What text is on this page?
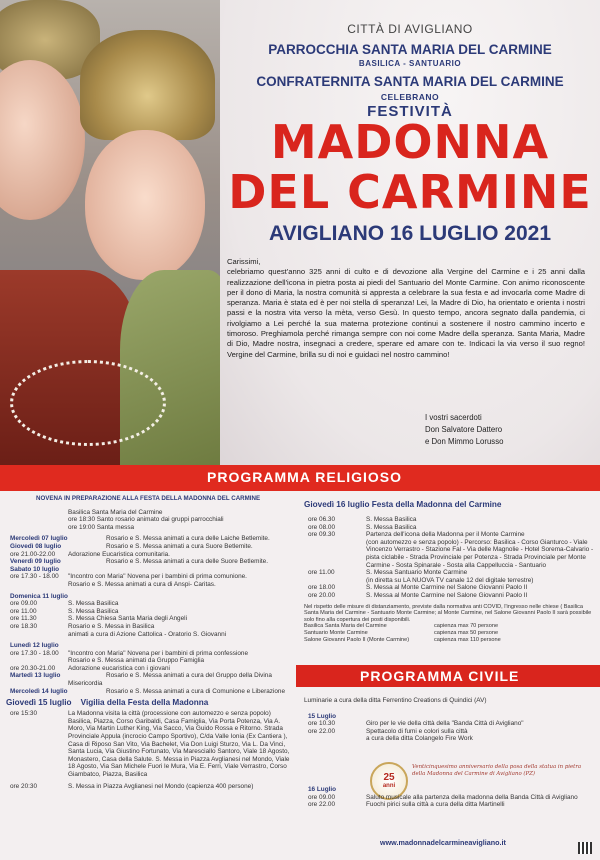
CITTÀ DI AVIGLIANO
PARROCCHIA SANTA MARIA DEL CARMINE
BASILICA - SANTUARIO
CONFRATERNITA SANTA MARIA DEL CARMINE
CELEBRANO
FESTIVITÀ
MADONNA
DEL CARMINE
AVIGLIANO 16 LUGLIO 2021

Carissimi,

celebriamo quest'anno 325 anni di culto e di devozione alla Vergine del Carmine e i 25 anni dalla realizzazione dell'icona in pietra posta ai piedi del Santuario del Monte Carmine. Con animo riconoscente per il dono di Maria, la nostra comunità si appresta a celebrare la sua festa e ad invocarla come Madre di speranza. Maria è stata ed è per noi stella di speranza! Lei, la Madre di Dio, ha orientato e orienta i nostri passi e la nostra vita verso la mèta, verso Gesù. In questo tempo, ancora segnato dalla pandemia, ci rivolgiamo a Lei perché la sua materna protezione continui a sostenere il nostro cammino incerto e timoroso. Preghiamola perché rimanga sempre con noi come Madre della speranza. Santa Maria, Madre di Dio, Madre nostra, insegnaci a credere, sperare ed amare con te. Indicaci la via verso il suo regno! Vergine del Carmine, brilla su di noi e guidaci nel nostro cammino!

I vostri sacerdoti
Don Salvatore Dattero
e Don Mimmo Lorusso
PROGRAMMA RELIGIOSO
NOVENA IN PREPARAZIONE ALLA FESTA DELLA MADONNA DEL CARMINE
Basilica Santa Maria del Carmine
ore 18:30 Santo rosario animato dai gruppi parrocchiali
ore 19:00 Santa messa
Mercoledì 07 luglio	Rosario e S. Messa animati a cura delle Laiche Betlemite.
Giovedì 08 luglio	Rosario e S. Messa animati a cura Suore Betlemite.
ore 21.00-22.00	Adorazione Eucaristica comunitaria.
Venerdì 09 luglio	Rosario e S. Messa animati a cura delle Suore Betlemite.
Sabato 10 luglio
ore 17.30 - 18.00	"Incontro con Maria" Novena per i bambini di prima comunione.
Rosario e S. Messa animati a cura di Anspi- Caritas.
Domenica 11 luglio
ore 09.00	S. Messa Basilica
ore 11.00	S. Messa Basilica
ore 11.30	S. Messa Chiesa Santa Maria degli Angeli
ore 18.30	Rosario e S. Messa in Basilica
animati a cura di Azione Cattolica - Oratorio S. Giovanni
Lunedì 12 luglio
ore 17.30 - 18.00	"Incontro con Maria" Novena per i bambini di prima confessione
Rosario e S. Messa animati da Gruppo Famiglia
ore 20.30-21.00	Adorazione eucaristica con i giovani
Martedì 13 luglio	Rosario e S. Messa animati a cura del Gruppo della Divina
Misericordia
Mercoledì 14 luglio	Rosario e S. Messa animati a cura di Comunione e Liberazione
Giovedì 15 luglio Vigilia della Festa della Madonna
ore 15:30	La Madonna visita la città (processione con automezzo e senza popolo)
Basilica, Piazza, Corso Garibaldi, Casa Famiglia, Via Porta Potenza, Via A. Moro, Via Martin Luther King, Via Sacco, Via Guido Rossa e Ritorno. Strada Provinciale Appula (incrocio Campo Sportivo), C/da Valle Ionia (Ex Cantiera ), Casa di Riposo San Vito, Via Bachelet, Via Don Luigi Sturzo, Via L. Da Vinci, Santa Lucia, Via Giustino Fortunato, Via Maresciallo Santoro, Viale 18 Agosto, Monastero, Casa della Salute. S. Messa in Piazza Avglianesi nel Mondo, Viale 18 Agosto, Via San Michele Fuori le Mura, Via E. Ferri, Viale Verrastro, Corso Giambatco, Piazza, Basilica
ore 20:30	S. Messa in Piazza Avglianesi nel Mondo (capienza 400 persone)
Giovedì 16 luglio Festa della Madonna del Carmine
ore 06.30	S. Messa Basilica
ore 08.00	S. Messa Basilica
ore 09.30	Partenza dell'icona della Madonna per il Monte Carmine
(con automezzo e senza popolo) - Percorso: Basilica - Corso Gianturco - Viale Vincenzo Verrastro - Stazione Fal - Via delle Magnolie - Hotel Sorema-Calvario - pista ciclabile - Strada Provinciale per Potenza - Strada Provinciale per Monte Carmine - Sosta Spinarale - Sosta alla Cappelluccia - Santuario
ore 11.00	S. Messa Santuario Monte Carmine
(in diretta su LA NUOVA TV canale 12 del digitale terrestre)
ore 18.00	S. Messa al Monte Carmine nel Salone Giovanni Paolo II
ore 20.00	S. Messa al Monte Carmine nel Salone Giovanni Paolo II
Nel rispetto delle misure di distanziamento, previste dalla normativa anti COVID, l'ingresso nelle chiese ( Basilica Santa Maria del Carmine - Santuario Monte Carmine; al Monte Carmine, nel Salone Giovanni Paolo II sarà possibile solo fino alla copertura dei posti disponibili.
Basilica Santa Maria del Carmine	capienza max 70 persone
Santuario Monte Carmine	capienza max 50 persone
Salone Giovanni Paolo II (Monte Carmine)	capienza max 110 persone
PROGRAMMA CIVILE
Luminarie a cura della ditta Ferrentino Creations di Quindici (AV)
15 Luglio
ore 10.30	Giro per le vie della città della "Banda Città di Avigliano"
ore 22.00	Spettacolo di fumi e colori sulla città
a cura della ditta Colangelo Fire Work
25
anni
Venticinquesimo anniversario della posa della statua in pietra della Madonna del Carmine di Avigliano (PZ)
16 Luglio
ore 09.00	Saluto musicale alla partenza della madonna della Banda Città di Avigliano
ore 22.00	Fuochi pirici sulla città a cura della ditta Martinelli
www.madonnadelcarmineavigliano.it
